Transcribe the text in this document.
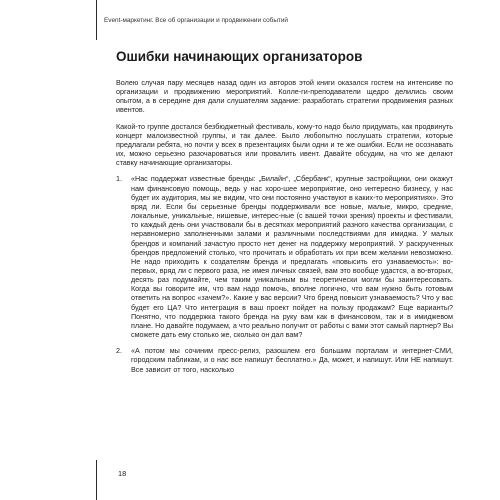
Event-маркетинг. Все об организации и продвижении событий
Ошибки начинающих организаторов

Волею случая пару месяцев назад один из авторов этой книги оказался гостем на интенсиве по организации и продвижению мероприятий. Колле-ги-преподаватели щедро делились своим опытом, а в середине дня дали слушателям задание: разработать стратегии продвижения разных ивентов.

Какой-то группе достался безбюджетный фестиваль, кому-то надо было придумать, как продвинуть концерт малоизвестной группы, и так далее. Было любопытно послушать стратегии, которые предлагали ребята, но почти у всех в презентациях были одни и те же ошибки. Если не осознавать их, можно серьезно разочароваться или провалить ивент. Давайте обсудим, на что же делают ставку начинающие организаторы.

1. «Нас поддержат известные бренды: „Билайн“, „Сбербанк“, крупные застройщики, они окажут нам финансовую помощь, ведь у нас хоро-шее мероприятие, оно интересно бизнесу, у нас будет их аудитория, мы же видим, что они постоянно участвуют в каких-то мероприятиях». Это вряд ли. Если бы серьезные бренды поддерживали все новые, малые, микро, средние, локальные, уникальные, нишевые, интерес-ные (с вашей точки зрения) проекты и фестивали, то каждый день они участвовали бы в десятках мероприятий разного качества организации, с неравномерно заполненными залами и различными последствиями для имиджа. У малых брендов и компаний зачастую просто нет денег на поддержку мероприятий. У раскрученных брендов предложений столько, что прочитать и обработать их при всем желании невозможно. Не надо приходить к создателям бренда и предлагать «повысить его узнаваемость»: во-первых, вряд ли с первого раза, не имея личных связей, вам это вообще удастся, а во-вторых, десять раз подумайте, чем таким уникальным вы теоретически могли бы заинтересовать. Когда вы говорите им, что вам надо помочь, вполне логично, что вам нужно быть готовым ответить на вопрос «зачем?». Какие у вас версии? Что бренд повысит узнаваемость? Что у вас будет его ЦА? Что интеграция в ваш проект пойдет на пользу продажам? Еще варианты? Понятно, что поддержка такого бренда на руку вам как в финансовом, так и в имиджевом плане. Но давайте подумаем, а что реально получит от работы с вами этот самый партнер? Вы сможете дать ему столько же, сколько он дал вам?

2. «А потом мы сочиним пресс-релиз, разошлем его большим порталам и интернет-СМИ, городским пабликам, и о нас все напишут бесплатно.» Да, может, и напишут. Или НЕ напишут. Все зависит от того, насколько

18
